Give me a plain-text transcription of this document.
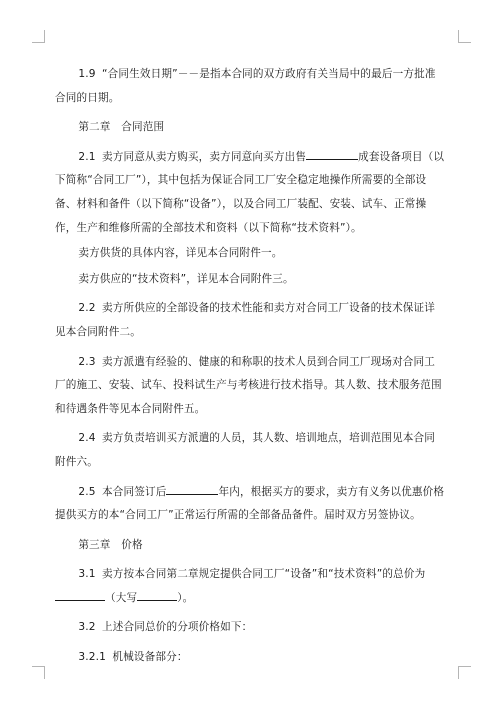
1.9 “合同生效日期”－－是指本合同的双方政府有关当局中的最后一方批准合同的日期。

第二章　合同范围

2.1 卖方同意从卖方购买，卖方同意向买方出售	成套设备项目（以下简称“合同工厂”），其中包括为保证合同工厂安全稳定地操作所需要的全部设备、材料和备件（以下简称“设备”），以及合同工厂装配、安装、试车、正常操作，生产和维修所需的全部技术和资料（以下简称“技术资料”）。

卖方供货的具体内容，详见本合同附件一。

卖方供应的“技术资料”，详见本合同附件三。

2.2 卖方所供应的全部设备的技术性能和卖方对合同工厂设备的技术保证详见本合同附件二。

2.3 卖方派遣有经验的、健康的和称职的技术人员到合同工厂现场对合同工厂的施工、安装、试车、投料试生产与考核进行技术指导。其人数、技术服务范围和待遇条件等见本合同附件五。

2.4 卖方负责培训买方派遣的人员，其人数、培训地点，培训范围见本合同附件六。

2.5 本合同签订后	年内，根据买方的要求，卖方有义务以优惠价格提供买方的本“合同工厂”正常运行所需的全部备品备件。届时双方另签协议。

第三章　价格

3.1 卖方按本合同第二章规定提供合同工厂“设备”和“技术资料”的总价为（大写	）。

3.2 上述合同总价的分项价格如下：

3.2.1 机械设备部分：
